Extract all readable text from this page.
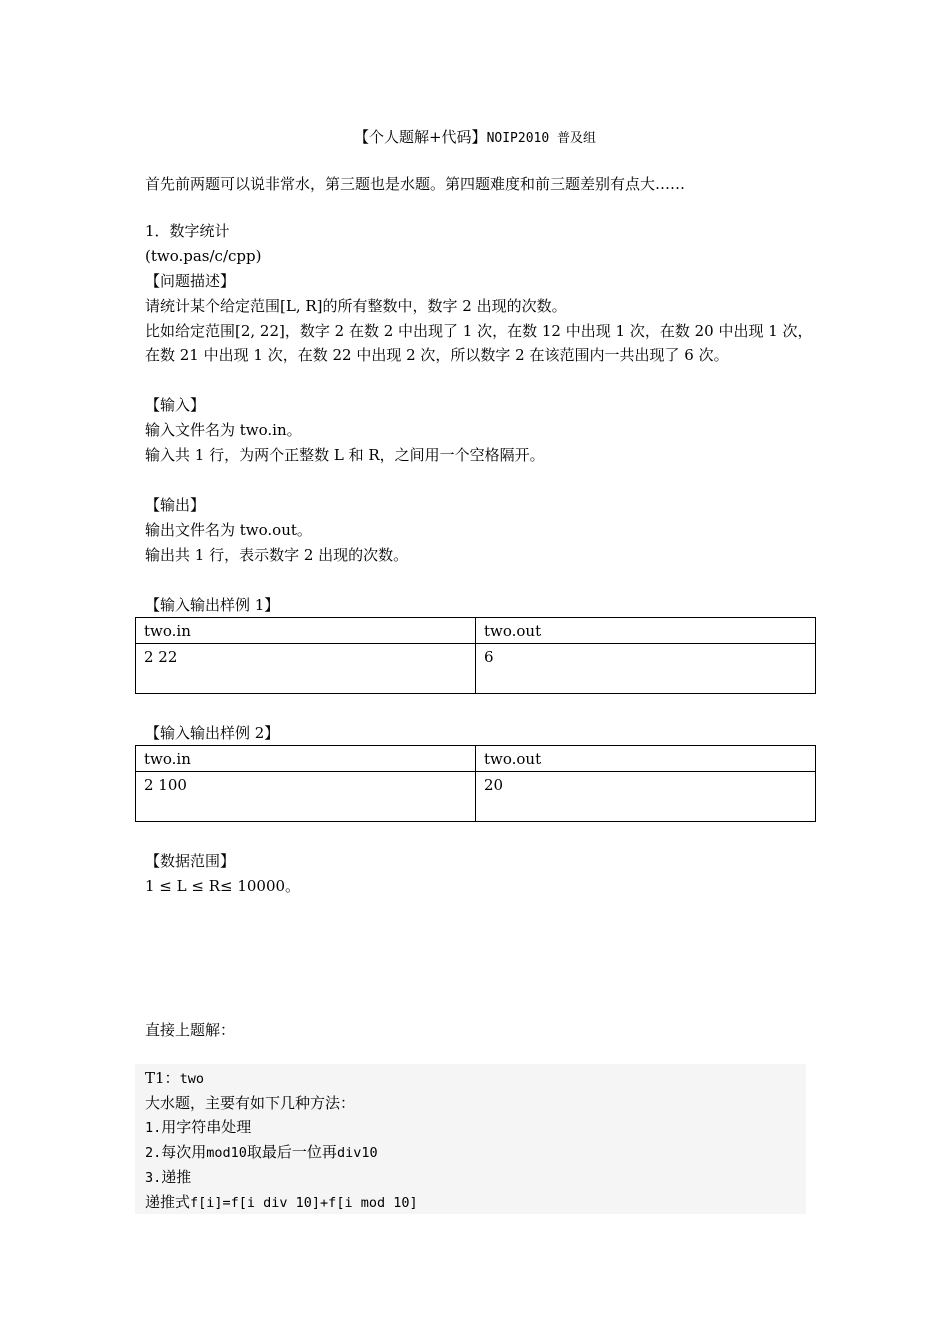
【个人题解+代码】NOIP2010 普及组
首先前两题可以说非常水，第三题也是水题。第四题难度和前三题差别有点大……
1．数字统计
(two.pas/c/cpp)
【问题描述】
请统计某个给定范围[L, R]的所有整数中，数字 2 出现的次数。
比如给定范围[2, 22]，数字 2 在数 2 中出现了 1 次，在数 12 中出现 1 次，在数 20 中出现 1 次，
在数 21 中出现 1 次，在数 22 中出现 2 次，所以数字 2 在该范围内一共出现了 6 次。
【输入】
输入文件名为 two.in。
输入共 1 行，为两个正整数 L 和 R，之间用一个空格隔开。
【输出】
输出文件名为 two.out。
输出共 1 行，表示数字 2 出现的次数。
【输入输出样例 1】
two.in	two.out
2 22	6
【输入输出样例 2】
two.in	two.out
2 100	20
【数据范围】
1 ≤ L ≤ R≤ 10000。
直接上题解：
T1：two
大水题，主要有如下几种方法：
1.用字符串处理
2.每次用mod10取最后一位再div10
3.递推
递推式f[i]=f[i div 10]+f[i mod 10]
